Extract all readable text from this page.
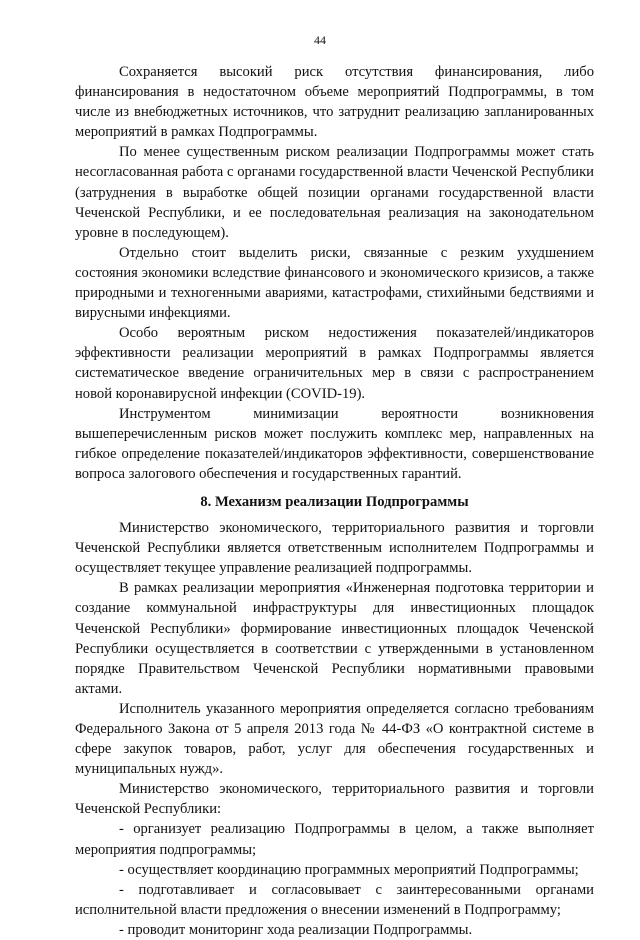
44

Сохраняется высокий риск отсутствия финансирования, либо финансирования в недостаточном объеме мероприятий Подпрограммы, в том числе из внебюджетных источников, что затруднит реализацию запланированных мероприятий в рамках Подпрограммы.

По менее существенным риском реализации Подпрограммы может стать несогласованная работа с органами государственной власти Чеченской Республики (затруднения в выработке общей позиции органами государственной власти Чеченской Республики, и ее последовательная реализация на законодательном уровне в последующем).

Отдельно стоит выделить риски, связанные с резким ухудшением состояния экономики вследствие финансового и экономического кризисов, а также природными и техногенными авариями, катастрофами, стихийными бедствиями и вирусными инфекциями.

Особо вероятным риском недостижения показателей/индикаторов эффективности реализации мероприятий в рамках Подпрограммы является систематическое введение ограничительных мер в связи с распространением новой коронавирусной инфекции (COVID-19).

Инструментом минимизации вероятности возникновения вышеперечисленным рисков может послужить комплекс мер, направленных на гибкое определение показателей/индикаторов эффективности, совершенствование вопроса залогового обеспечения и государственных гарантий.

8. Механизм реализации Подпрограммы

Министерство экономического, территориального развития и торговли Чеченской Республики является ответственным исполнителем Подпрограммы и осуществляет текущее управление реализацией подпрограммы.

В рамках реализации мероприятия «Инженерная подготовка территории и создание коммунальной инфраструктуры для инвестиционных площадок Чеченской Республики» формирование инвестиционных площадок Чеченской Республики осуществляется в соответствии с утвержденными в установленном порядке Правительством Чеченской Республики нормативными правовыми актами.

Исполнитель указанного мероприятия определяется согласно требованиям Федерального Закона от 5 апреля 2013 года № 44-ФЗ «О контрактной системе в сфере закупок товаров, работ, услуг для обеспечения государственных и муниципальных нужд».

Министерство экономического, территориального развития и торговли Чеченской Республики:

- организует реализацию Подпрограммы в целом, а также выполняет мероприятия подпрограммы;

- осуществляет координацию программных мероприятий Подпрограммы;

- подготавливает и согласовывает с заинтересованными органами исполнительной власти предложения о внесении изменений в Подпрограмму;

- проводит мониторинг хода реализации Подпрограммы.
